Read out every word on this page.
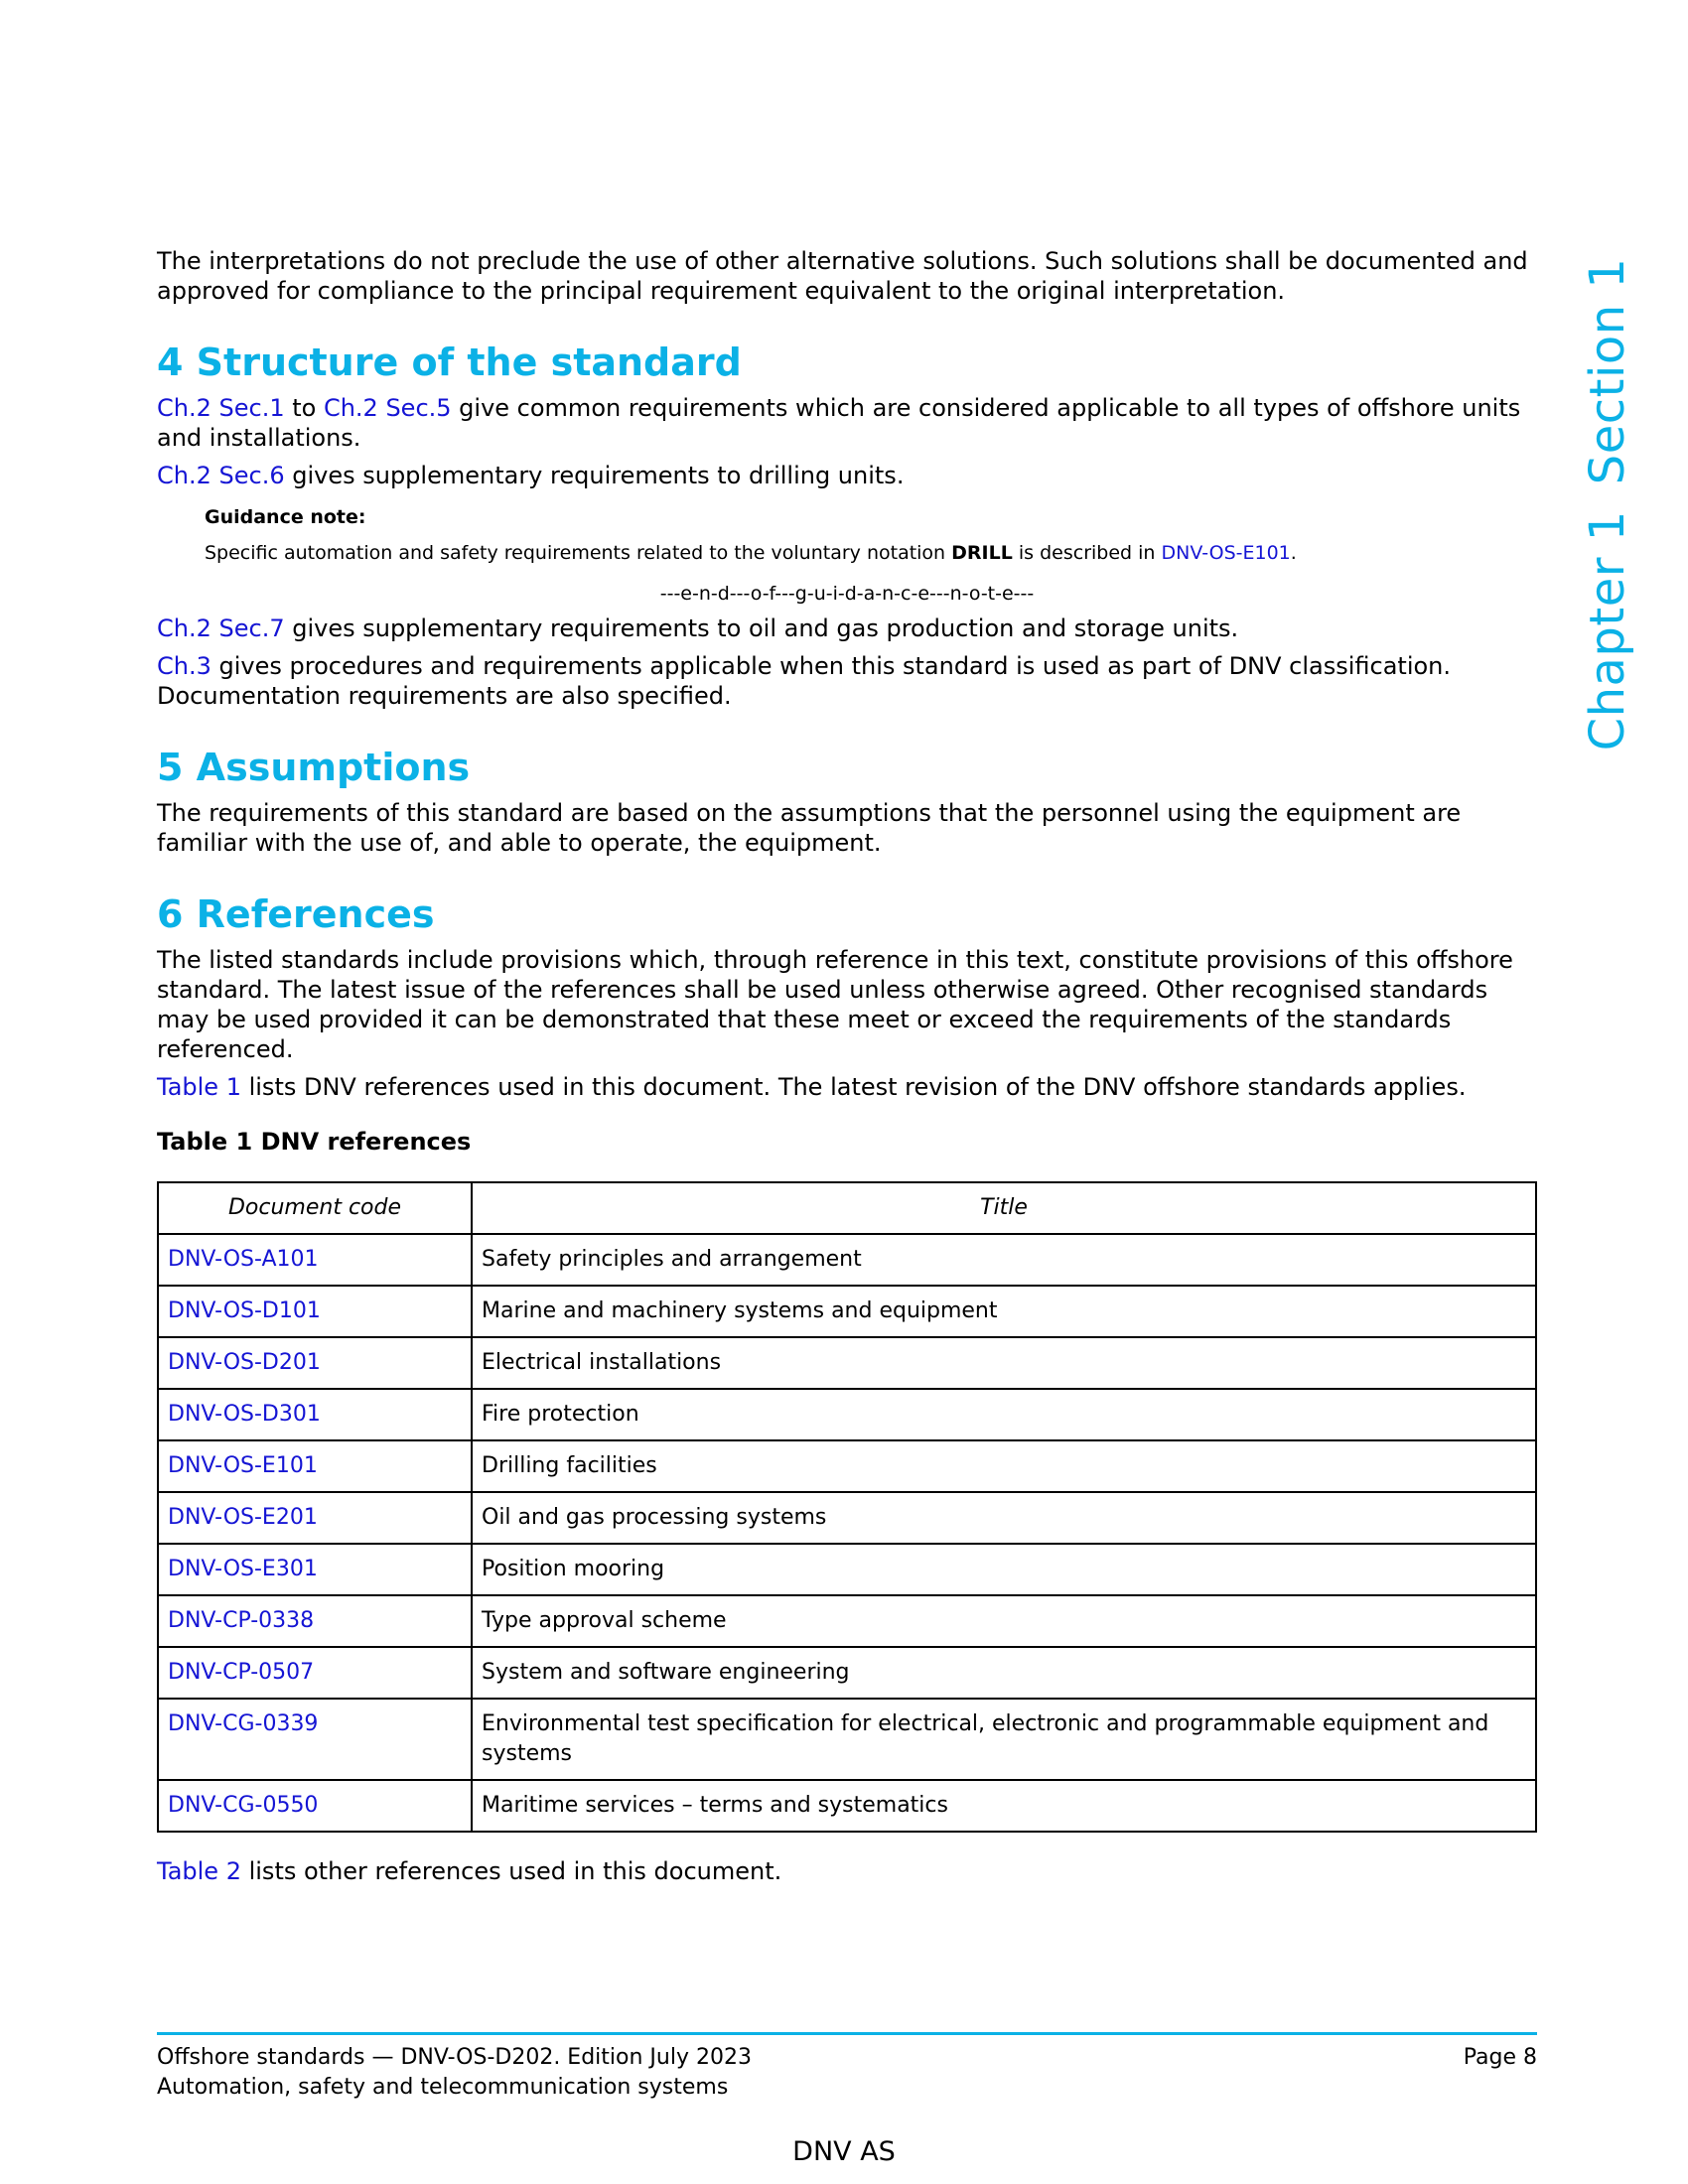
Chapter 1Section 1

The interpretations do not preclude the use of other alternative solutions. Such solutions shall be documented and approved for compliance to the principal requirement equivalent to the original interpretation.

4 Structure of the standard

Ch.2 Sec.1 to Ch.2 Sec.5 give common requirements which are considered applicable to all types of offshore units and installations.

Ch.2 Sec.6 gives supplementary requirements to drilling units.

Guidance note:
Specific automation and safety requirements related to the voluntary notation DRILL is described in DNV-OS-E101.
---e-n-d---o-f---g-u-i-d-a-n-c-e---n-o-t-e---

Ch.2 Sec.7 gives supplementary requirements to oil and gas production and storage units.

Ch.3 gives procedures and requirements applicable when this standard is used as part of DNV classification. Documentation requirements are also specified.

5 Assumptions

The requirements of this standard are based on the assumptions that the personnel using the equipment are familiar with the use of, and able to operate, the equipment.

6 References

The listed standards include provisions which, through reference in this text, constitute provisions of this offshore standard. The latest issue of the references shall be used unless otherwise agreed. Other recognised standards may be used provided it can be demonstrated that these meet or exceed the requirements of the standards referenced.

Table 1 lists DNV references used in this document. The latest revision of the DNV offshore standards applies.

Table 1 DNV references
Document code	Title
DNV-OS-A101	Safety principles and arrangement
DNV-OS-D101	Marine and machinery systems and equipment
DNV-OS-D201	Electrical installations
DNV-OS-D301	Fire protection
DNV-OS-E101	Drilling facilities
DNV-OS-E201	Oil and gas processing systems
DNV-OS-E301	Position mooring
DNV-CP-0338	Type approval scheme
DNV-CP-0507	System and software engineering
DNV-CG-0339	Environmental test specification for electrical, electronic and programmable equipment and systems
DNV-CG-0550	Maritime services – terms and systematics

Table 2 lists other references used in this document.

Offshore standards — DNV-OS-D202. Edition July 2023
Automation, safety and telecommunication systems
Page 8
DNV AS
